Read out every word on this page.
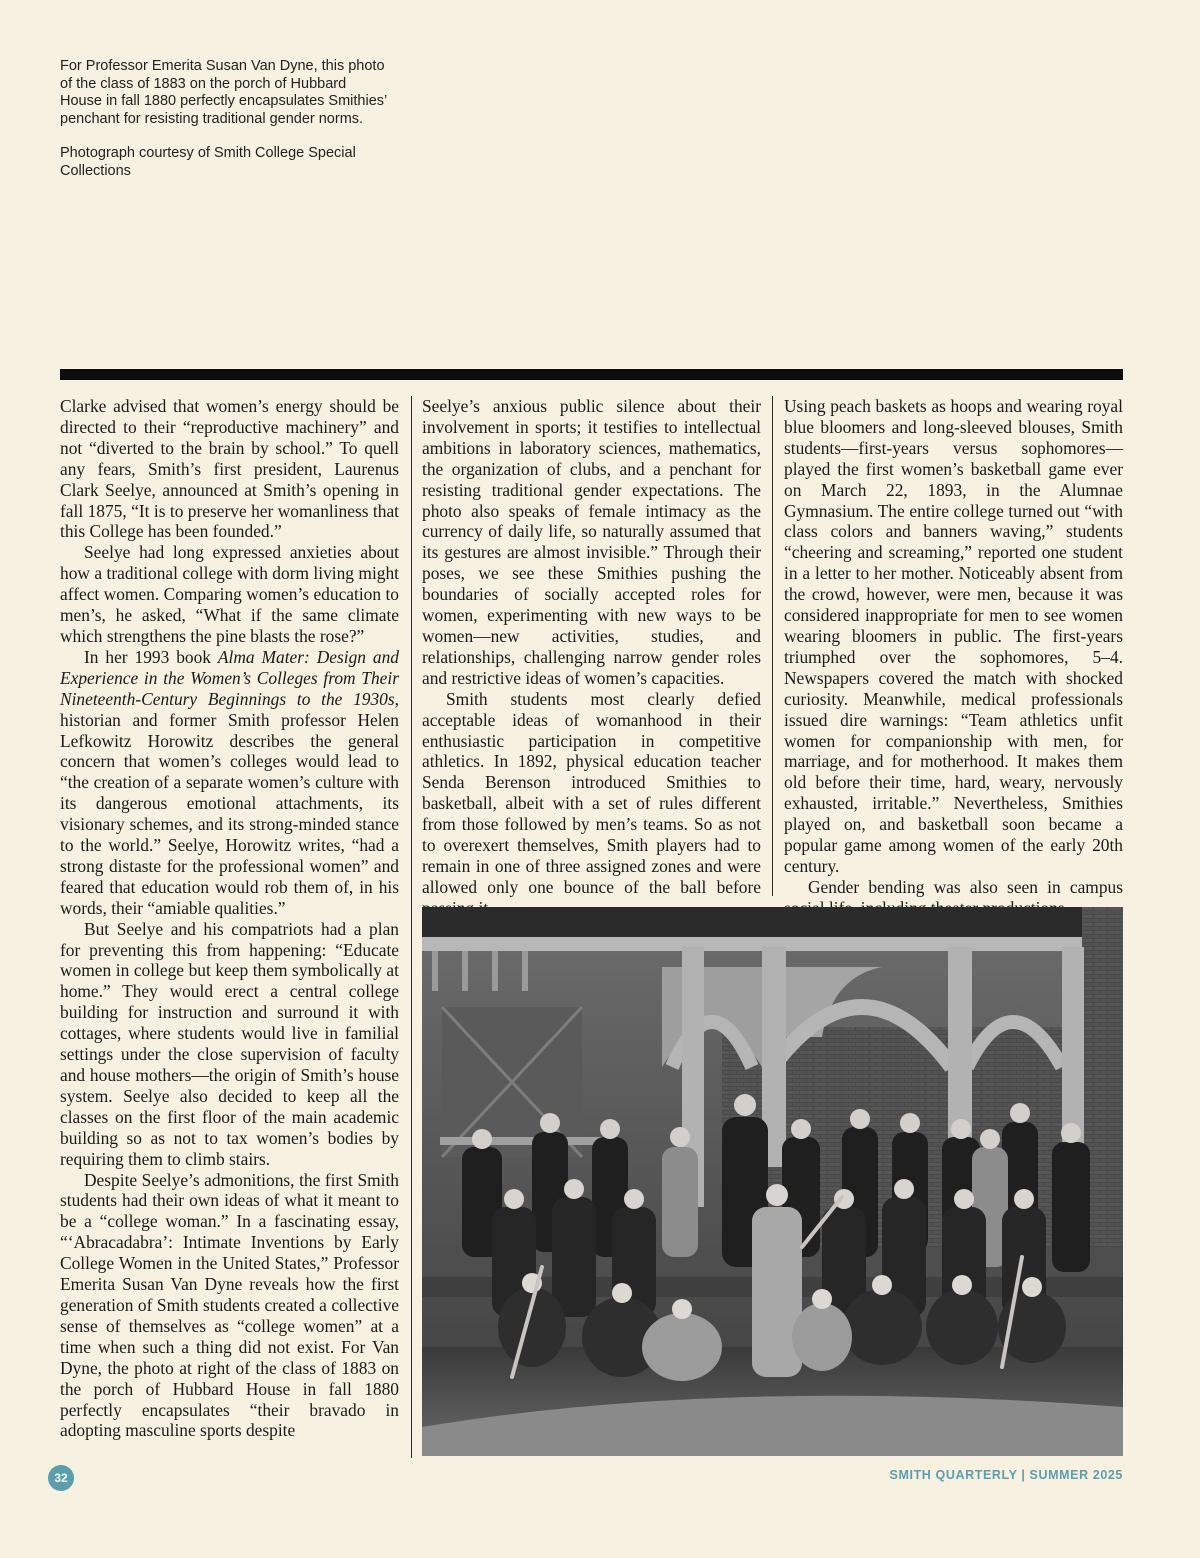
For Professor Emerita Susan Van Dyne, this photo of the class of 1883 on the porch of Hubbard House in fall 1880 perfectly encapsulates Smithies’ penchant for resisting traditional gender norms.

Photograph courtesy of Smith College Special Collections

Clarke advised that women’s energy should be directed to their “reproductive machinery” and not “diverted to the brain by school.” To quell any fears, Smith’s first president, Laurenus Clark Seelye, announced at Smith’s opening in fall 1875, “It is to preserve her womanliness that this College has been founded.”

Seelye had long expressed anxieties about how a traditional college with dorm living might affect women. Comparing women’s education to men’s, he asked, “What if the same climate which strengthens the pine blasts the rose?”

In her 1993 book Alma Mater: Design and Experience in the Women’s Colleges from Their Nineteenth-Century Beginnings to the 1930s, historian and former Smith professor Helen Lefkowitz Horowitz describes the general concern that women’s colleges would lead to “the creation of a separate women’s culture with its dangerous emotional attachments, its visionary schemes, and its strong-minded stance to the world.” Seelye, Horowitz writes, “had a strong distaste for the professional women” and feared that education would rob them of, in his words, their “amiable qualities.”

But Seelye and his compatriots had a plan for preventing this from happening: “Educate women in college but keep them symbolically at home.” They would erect a central college building for instruction and surround it with cottages, where students would live in familial settings under the close supervision of faculty and house mothers—the origin of Smith’s house system. Seelye also decided to keep all the classes on the first floor of the main academic building so as not to tax women’s bodies by requiring them to climb stairs.

Despite Seelye’s admonitions, the first Smith students had their own ideas of what it meant to be a “college woman.” In a fascinating essay, “‘Abracadabra’: Intimate Inventions by Early College Women in the United States,” Professor Emerita Susan Van Dyne reveals how the first generation of Smith students created a collective sense of themselves as “college women” at a time when such a thing did not exist. For Van Dyne, the photo at right of the class of 1883 on the porch of Hubbard House in fall 1880 perfectly encapsulates “their bravado in adopting masculine sports despite

Seelye’s anxious public silence about their involvement in sports; it testifies to intellectual ambitions in laboratory sciences, mathematics, the organization of clubs, and a penchant for resisting traditional gender expectations. The photo also speaks of female intimacy as the currency of daily life, so naturally assumed that its gestures are almost invisible.” Through their poses, we see these Smithies pushing the boundaries of socially accepted roles for women, experimenting with new ways to be women—new activities, studies, and relationships, challenging narrow gender roles and restrictive ideas of women’s capacities.

Smith students most clearly defied acceptable ideas of womanhood in their enthusiastic participation in competitive athletics. In 1892, physical education teacher Senda Berenson introduced Smithies to basketball, albeit with a set of rules different from those followed by men’s teams. So as not to overexert themselves, Smith players had to remain in one of three assigned zones and were allowed only one bounce of the ball before

Using peach baskets as hoops and wearing royal blue bloomers and long-sleeved blouses, Smith students—first-years versus sophomores—played the first women’s basketball game ever on March 22, 1893, in the Alumnae Gymnasium. The entire college turned out “with class colors and banners waving,” students “cheering and screaming,” reported one student in a letter to her mother. Noticeably absent from the crowd, however, were men, because it was considered inappropriate for men to see women wearing bloomers in public. The first-years triumphed over the sophomores, 5–4. Newspapers covered the match with shocked curiosity. Meanwhile, medical professionals issued dire warnings: “Team athletics unfit women for companionship with men, for marriage, and for motherhood. It makes them old before their time, hard, weary, nervously exhausted, irritable.” Nevertheless, Smithies played on, and basketball soon became a popular game among women of the early 20th century.

Gender bending was also seen in campus

32	SMITH QUARTERLY | SUMMER 2025
